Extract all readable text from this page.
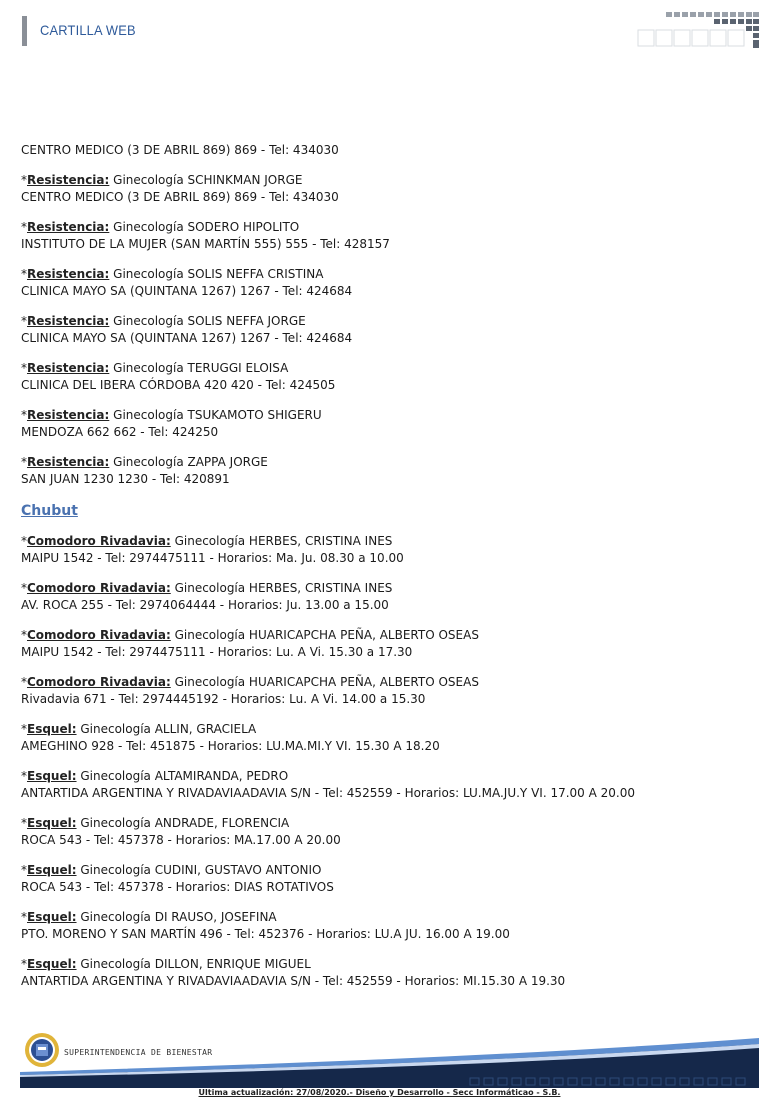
CARTILLA WEB
CENTRO MEDICO (3 DE ABRIL 869) 869 - Tel: 434030
*Resistencia: Ginecología SCHINKMAN JORGE
CENTRO MEDICO (3 DE ABRIL 869) 869 - Tel: 434030
*Resistencia: Ginecología SODERO HIPOLITO
INSTITUTO DE LA MUJER (SAN MARTÍN 555) 555 - Tel: 428157
*Resistencia: Ginecología SOLIS NEFFA CRISTINA
CLINICA MAYO SA (QUINTANA 1267) 1267 - Tel: 424684
*Resistencia: Ginecología SOLIS NEFFA JORGE
CLINICA MAYO SA (QUINTANA 1267) 1267 - Tel: 424684
*Resistencia: Ginecología TERUGGI ELOISA
CLINICA DEL IBERA CÓRDOBA 420 420 - Tel: 424505
*Resistencia: Ginecología TSUKAMOTO SHIGERU
MENDOZA 662 662 - Tel: 424250
*Resistencia: Ginecología ZAPPA JORGE
SAN JUAN 1230 1230 - Tel: 420891
Chubut
*Comodoro Rivadavia: Ginecología HERBES, CRISTINA INES
MAIPU 1542 - Tel: 2974475111 - Horarios: Ma. Ju. 08.30 a 10.00
*Comodoro Rivadavia: Ginecología HERBES, CRISTINA INES
AV. ROCA 255 - Tel: 2974064444 - Horarios: Ju. 13.00 a 15.00
*Comodoro Rivadavia: Ginecología HUARICAPCHA PEÑA, ALBERTO OSEAS
MAIPU 1542 - Tel: 2974475111 - Horarios: Lu. A Vi. 15.30 a 17.30
*Comodoro Rivadavia: Ginecología HUARICAPCHA PEÑA, ALBERTO OSEAS
Rivadavia 671 - Tel: 2974445192 - Horarios: Lu. A Vi. 14.00 a 15.30
*Esquel: Ginecología ALLIN, GRACIELA
AMEGHINO 928 - Tel: 451875 - Horarios: LU.MA.MI.Y VI. 15.30 A 18.20
*Esquel: Ginecología ALTAMIRANDA, PEDRO
ANTARTIDA ARGENTINA Y RIVADAVIAADAVIA S/N - Tel: 452559 - Horarios: LU.MA.JU.Y VI. 17.00 A 20.00
*Esquel: Ginecología ANDRADE, FLORENCIA
ROCA 543 - Tel: 457378 - Horarios: MA.17.00 A 20.00
*Esquel: Ginecología CUDINI, GUSTAVO ANTONIO
ROCA 543 - Tel: 457378 - Horarios: DIAS ROTATIVOS
*Esquel: Ginecología DI RAUSO, JOSEFINA
PTO. MORENO Y SAN MARTÍN 496 - Tel: 452376 - Horarios: LU.A JU. 16.00 A 19.00
*Esquel: Ginecología DILLON, ENRIQUE MIGUEL
ANTARTIDA ARGENTINA Y RIVADAVIAADAVIA S/N - Tel: 452559 - Horarios: MI.15.30 A 19.30
SUPERINTENDENCIA DE BIENESTAR
Ultima actualización: 27/08/2020.- Diseño y Desarrollo - Secc Informáticao - S.B.
